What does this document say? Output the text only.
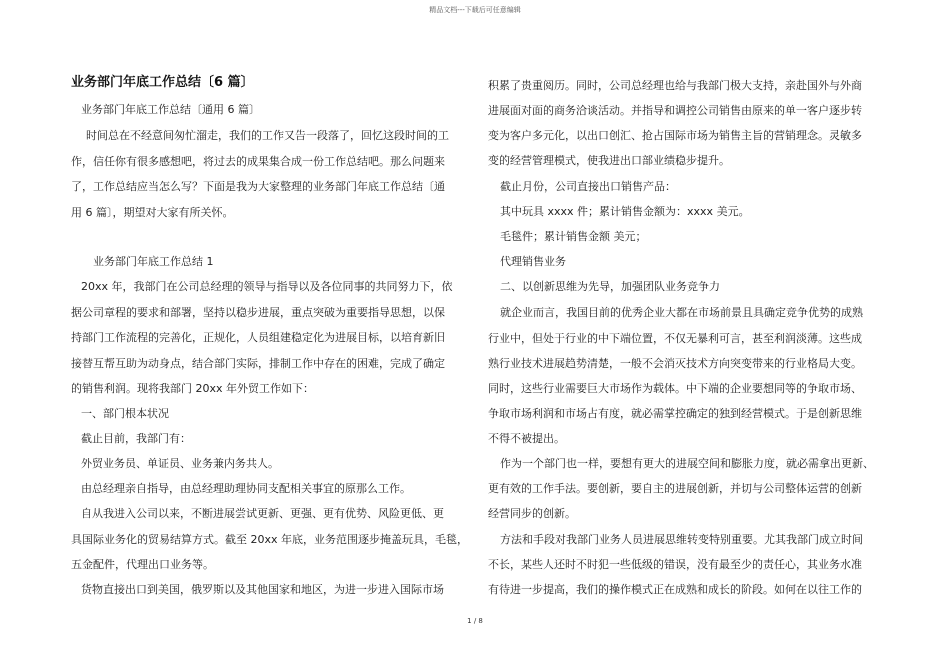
精品文档---下载后可任意编辑
业务部门年底工作总结〔6 篇〕
业务部门年底工作总结〔通用 6 篇〕
时间总在不经意间匆忙溜走，我们的工作又告一段落了，回忆这段时间的工
作，信任你有很多感想吧，将过去的成果集合成一份工作总结吧。那么问题来
了，工作总结应当怎么写？下面是我为大家整理的业务部门年底工作总结〔通
用 6 篇〕，期望对大家有所关怀。
业务部门年底工作总结 1
20xx 年，我部门在公司总经理的领导与指导以及各位同事的共同努力下，依
据公司章程的要求和部署，坚持以稳步进展，重点突破为重要指导思想，以保
持部门工作流程的完善化，正规化，人员组建稳定化为进展目标，以培育新旧
接替互帮互助为动身点，结合部门实际，排制工作中存在的困难，完成了确定
的销售利润。现将我部门 20xx 年外贸工作如下：
一、部门根本状况
截止目前，我部门有：
外贸业务员、单证员、业务兼内务共人。
由总经理亲自指导，由总经理助理协同支配相关事宜的原那么工作。
自从我进入公司以来，不断进展尝试更新、更强、更有优势、风险更低、更
具国际业务化的贸易结算方式。截至 20xx 年底，业务范围逐步掩盖玩具，毛毯，
五金配件，代理出口业务等。
货物直接出口到美国，俄罗斯以及其他国家和地区，为进一步进入国际市场
积累了贵重阅历。同时，公司总经理也给与我部门极大支持，亲赴国外与外商
进展面对面的商务洽谈活动。并指导和调控公司销售由原来的单一客户逐步转
变为客户多元化，以出口创汇、抢占国际市场为销售主旨的营销理念。灵敏多
变的经营管理模式，使我进出口部业绩稳步提升。
截止月份，公司直接出口销售产品：
其中玩具 xxxx 件；累计销售金额为：xxxx 美元。
毛毯件；累计销售金额 美元；
代理销售业务
二、以创新思维为先导，加强团队业务竞争力
就企业而言，我国目前的优秀企业大都在市场前景且具确定竞争优势的成熟
行业中，但处于行业的中下端位置，不仅无暴利可言，甚至利润淡薄。这些成
熟行业技术进展趋势清楚，一般不会消灭技术方向突变带来的行业格局大变。
同时，这些行业需要巨大市场作为载体。中下端的企业要想同等的争取市场、
争取市场利润和市场占有度，就必需掌控确定的独到经营模式。于是创新思维
不得不被提出。
作为一个部门也一样，要想有更大的进展空间和膨胀力度，就必需拿出更新、
更有效的工作手法。要创新，要自主的进展创新，并切与公司整体运营的创新
经营同步的创新。
方法和手段对我部门业务人员进展思维转变特别重要。尤其我部门成立时间
不长，某些人还时不时犯一些低级的错误，没有最至少的责任心，其业务水准
有待进一步提高，我们的操作模式正在成熟和成长的阶段。如何在以往工作的
1 / 8
